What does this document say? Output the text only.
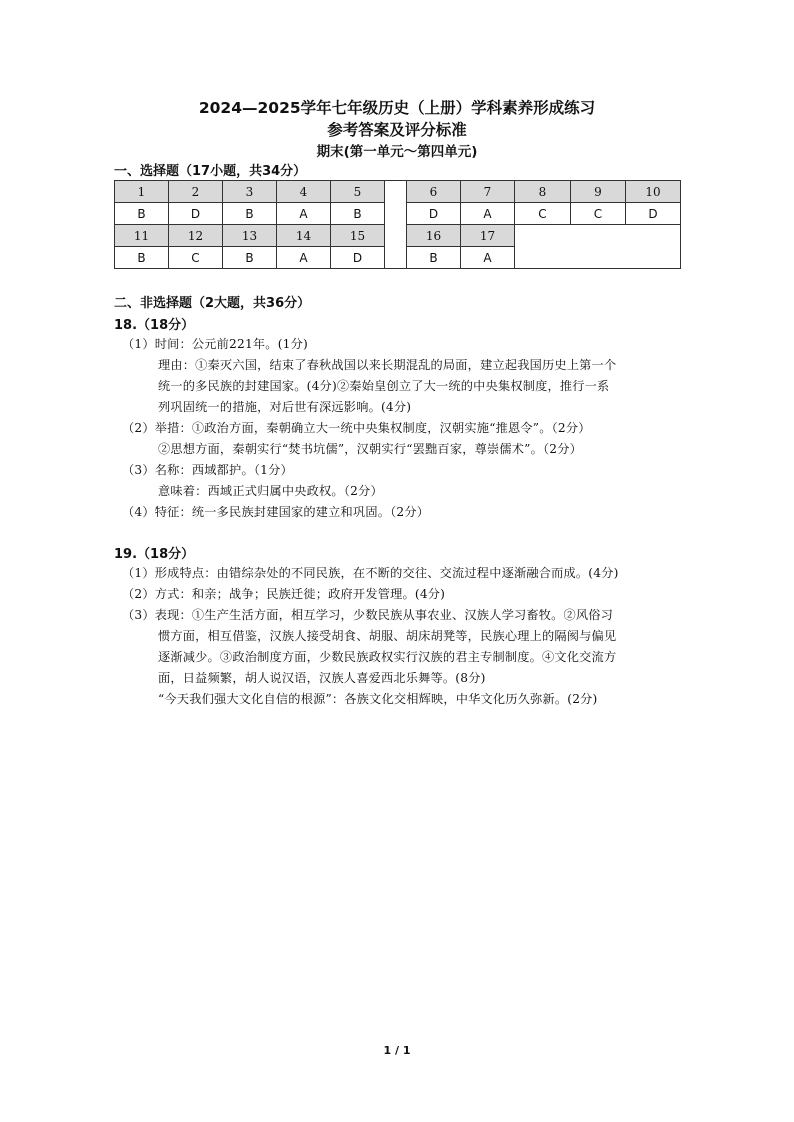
2024—2025学年七年级历史（上册）学科素养形成练习
参考答案及评分标准
期末(第一单元～第四单元)
一、选择题（17小题，共34分）
1	2	3	4	5		6	7	8	9	10
B	D	B	A	B		D	A	C	C	D
11	12	13	14	15		16	17			
B	C	B	A	D		B	A			
二、非选择题（2大题，共36分）
18.（18分）
（1）时间：公元前221年。(1分)
理由：①秦灭六国，结束了春秋战国以来长期混乱的局面，建立起我国历史上第一个
统一的多民族的封建国家。(4分)②秦始皇创立了大一统的中央集权制度，推行一系
列巩固统一的措施，对后世有深远影响。(4分)
（2）举措：①政治方面，秦朝确立大一统中央集权制度，汉朝实施“推恩令”。（2分）
②思想方面，秦朝实行“焚书坑儒”，汉朝实行“罢黜百家，尊崇儒术”。（2分）
（3）名称：西域都护。（1分）
意味着：西域正式归属中央政权。（2分）
（4）特征：统一多民族封建国家的建立和巩固。（2分）
19.（18分）
（1）形成特点：由错综杂处的不同民族，在不断的交往、交流过程中逐渐融合而成。(4分)
（2）方式：和亲；战争；民族迁徙；政府开发管理。(4分)
（3）表现：①生产生活方面，相互学习，少数民族从事农业、汉族人学习畜牧。②风俗习
惯方面，相互借鉴，汉族人接受胡食、胡服、胡床胡凳等，民族心理上的隔阂与偏见
逐渐减少。③政治制度方面，少数民族政权实行汉族的君主专制制度。④文化交流方
面，日益频繁，胡人说汉语，汉族人喜爱西北乐舞等。(8分)
“今天我们强大文化自信的根源”：各族文化交相辉映，中华文化历久弥新。(2分)
1 / 1
